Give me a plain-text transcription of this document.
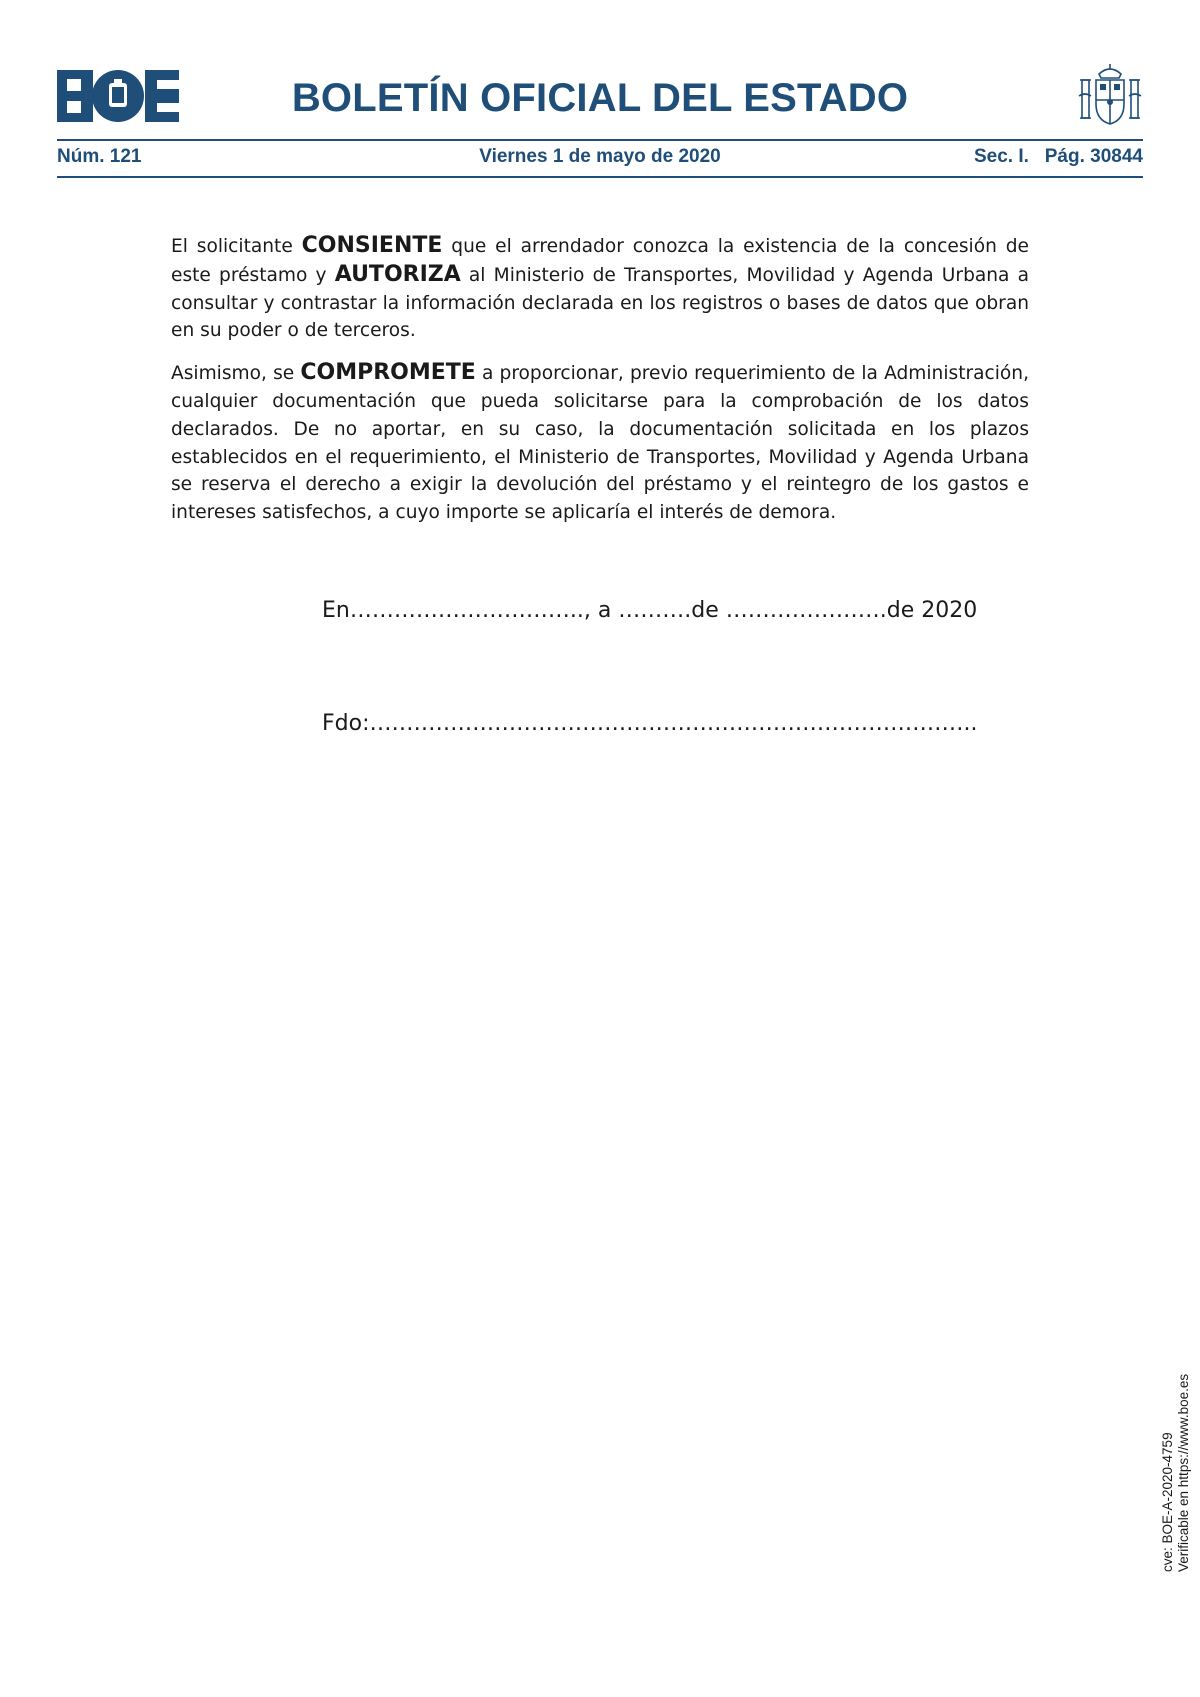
BOLETÍN OFICIAL DEL ESTADO
Núm. 121	Viernes 1 de mayo de 2020	Sec. I.   Pág. 30844

El solicitante CONSIENTE que el arrendador conozca la existencia de la concesión de este préstamo y AUTORIZA al Ministerio de Transportes, Movilidad y Agenda Urbana a consultar y contrastar la información declarada en los registros o bases de datos que obran en su poder o de terceros.

Asimismo, se COMPROMETE a proporcionar, previo requerimiento de la Administración, cualquier documentación que pueda solicitarse para la comprobación de los datos declarados. De no aportar, en su caso, la documentación solicitada en los plazos establecidos en el requerimiento, el Ministerio de Transportes, Movilidad y Agenda Urbana se reserva el derecho a exigir la devolución del préstamo y el reintegro de los gastos e intereses satisfechos, a cuyo importe se aplicaría el interés de demora.

En………………………….., a ……….de ………………….de 2020
Fdo:………………………………………………………………………..
cve: BOE-A-2020-4759 Verificable en https://www.boe.es
